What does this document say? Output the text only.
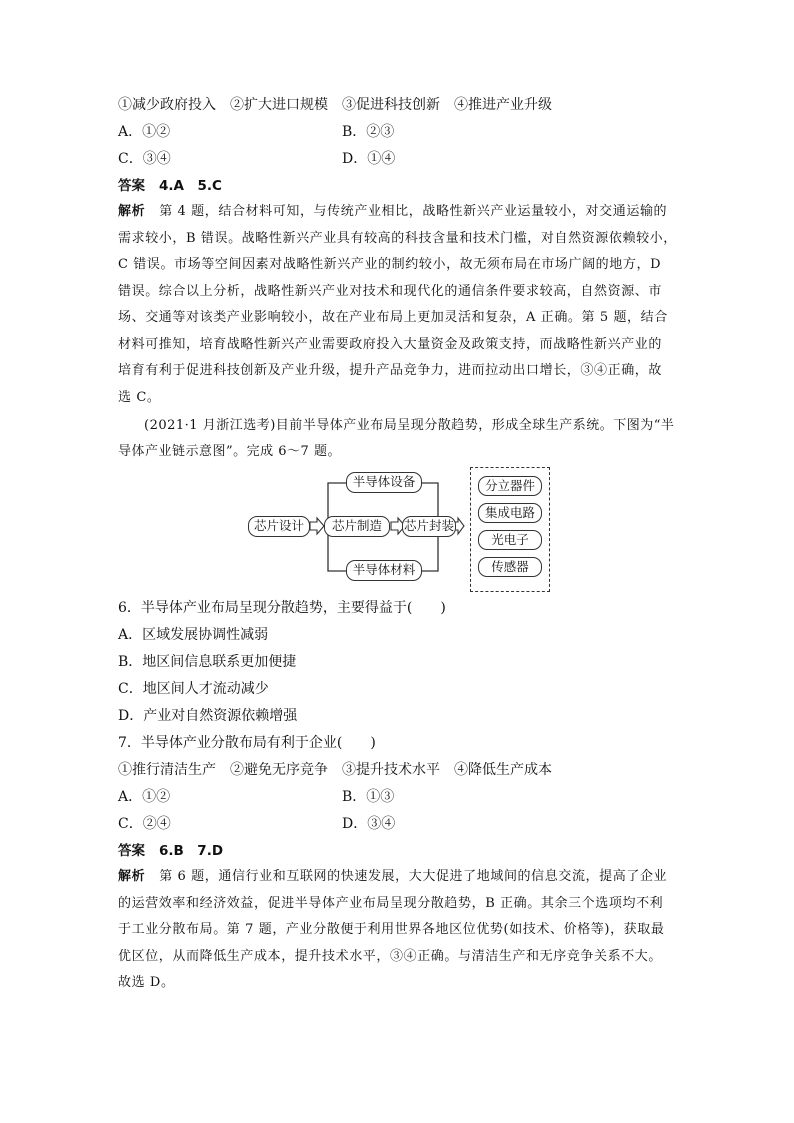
①减少政府投入　②扩大进口规模　③促进科技创新　④推进产业升级
A．①②	B．②③
C．③④	D．①④
答案 4.A　5.C
解析 第 4 题，结合材料可知，与传统产业相比，战略性新兴产业运量较小，对交通运输的
需求较小，B 错误。战略性新兴产业具有较高的科技含量和技术门槛，对自然资源依赖较小，
C 错误。市场等空间因素对战略性新兴产业的制约较小，故无须布局在市场广阔的地方，D
错误。综合以上分析，战略性新兴产业对技术和现代化的通信条件要求较高，自然资源、市
场、交通等对该类产业影响较小，故在产业布局上更加灵活和复杂，A 正确。第 5 题，结合
材料可推知，培育战略性新兴产业需要政府投入大量资金及政策支持，而战略性新兴产业的
培育有利于促进科技创新及产业升级，提升产品竞争力，进而拉动出口增长，③④正确，故
选 C。
(2021·1 月浙江选考)目前半导体产业布局呈现分散趋势，形成全球生产系统。下图为“半
导体产业链示意图”。完成 6～7 题。
芯片设计	芯片制造	芯片封装
半导体设备
半导体材料
分立器件
集成电路
光电子
传感器
6．半导体产业布局呈现分散趋势，主要得益于(　　)
A．区域发展协调性减弱
B．地区间信息联系更加便捷
C．地区间人才流动减少
D．产业对自然资源依赖增强
7．半导体产业分散布局有利于企业(　　)
①推行清洁生产　②避免无序竞争　③提升技术水平　④降低生产成本
A．①②	B．①③
C．②④	D．③④
答案 6.B　7.D
解析 第 6 题，通信行业和互联网的快速发展，大大促进了地域间的信息交流，提高了企业
的运营效率和经济效益，促进半导体产业布局呈现分散趋势，B 正确。其余三个选项均不利
于工业分散布局。第 7 题，产业分散便于利用世界各地区位优势(如技术、价格等)，获取最
优区位，从而降低生产成本，提升技术水平，③④正确。与清洁生产和无序竞争关系不大。
故选 D。
